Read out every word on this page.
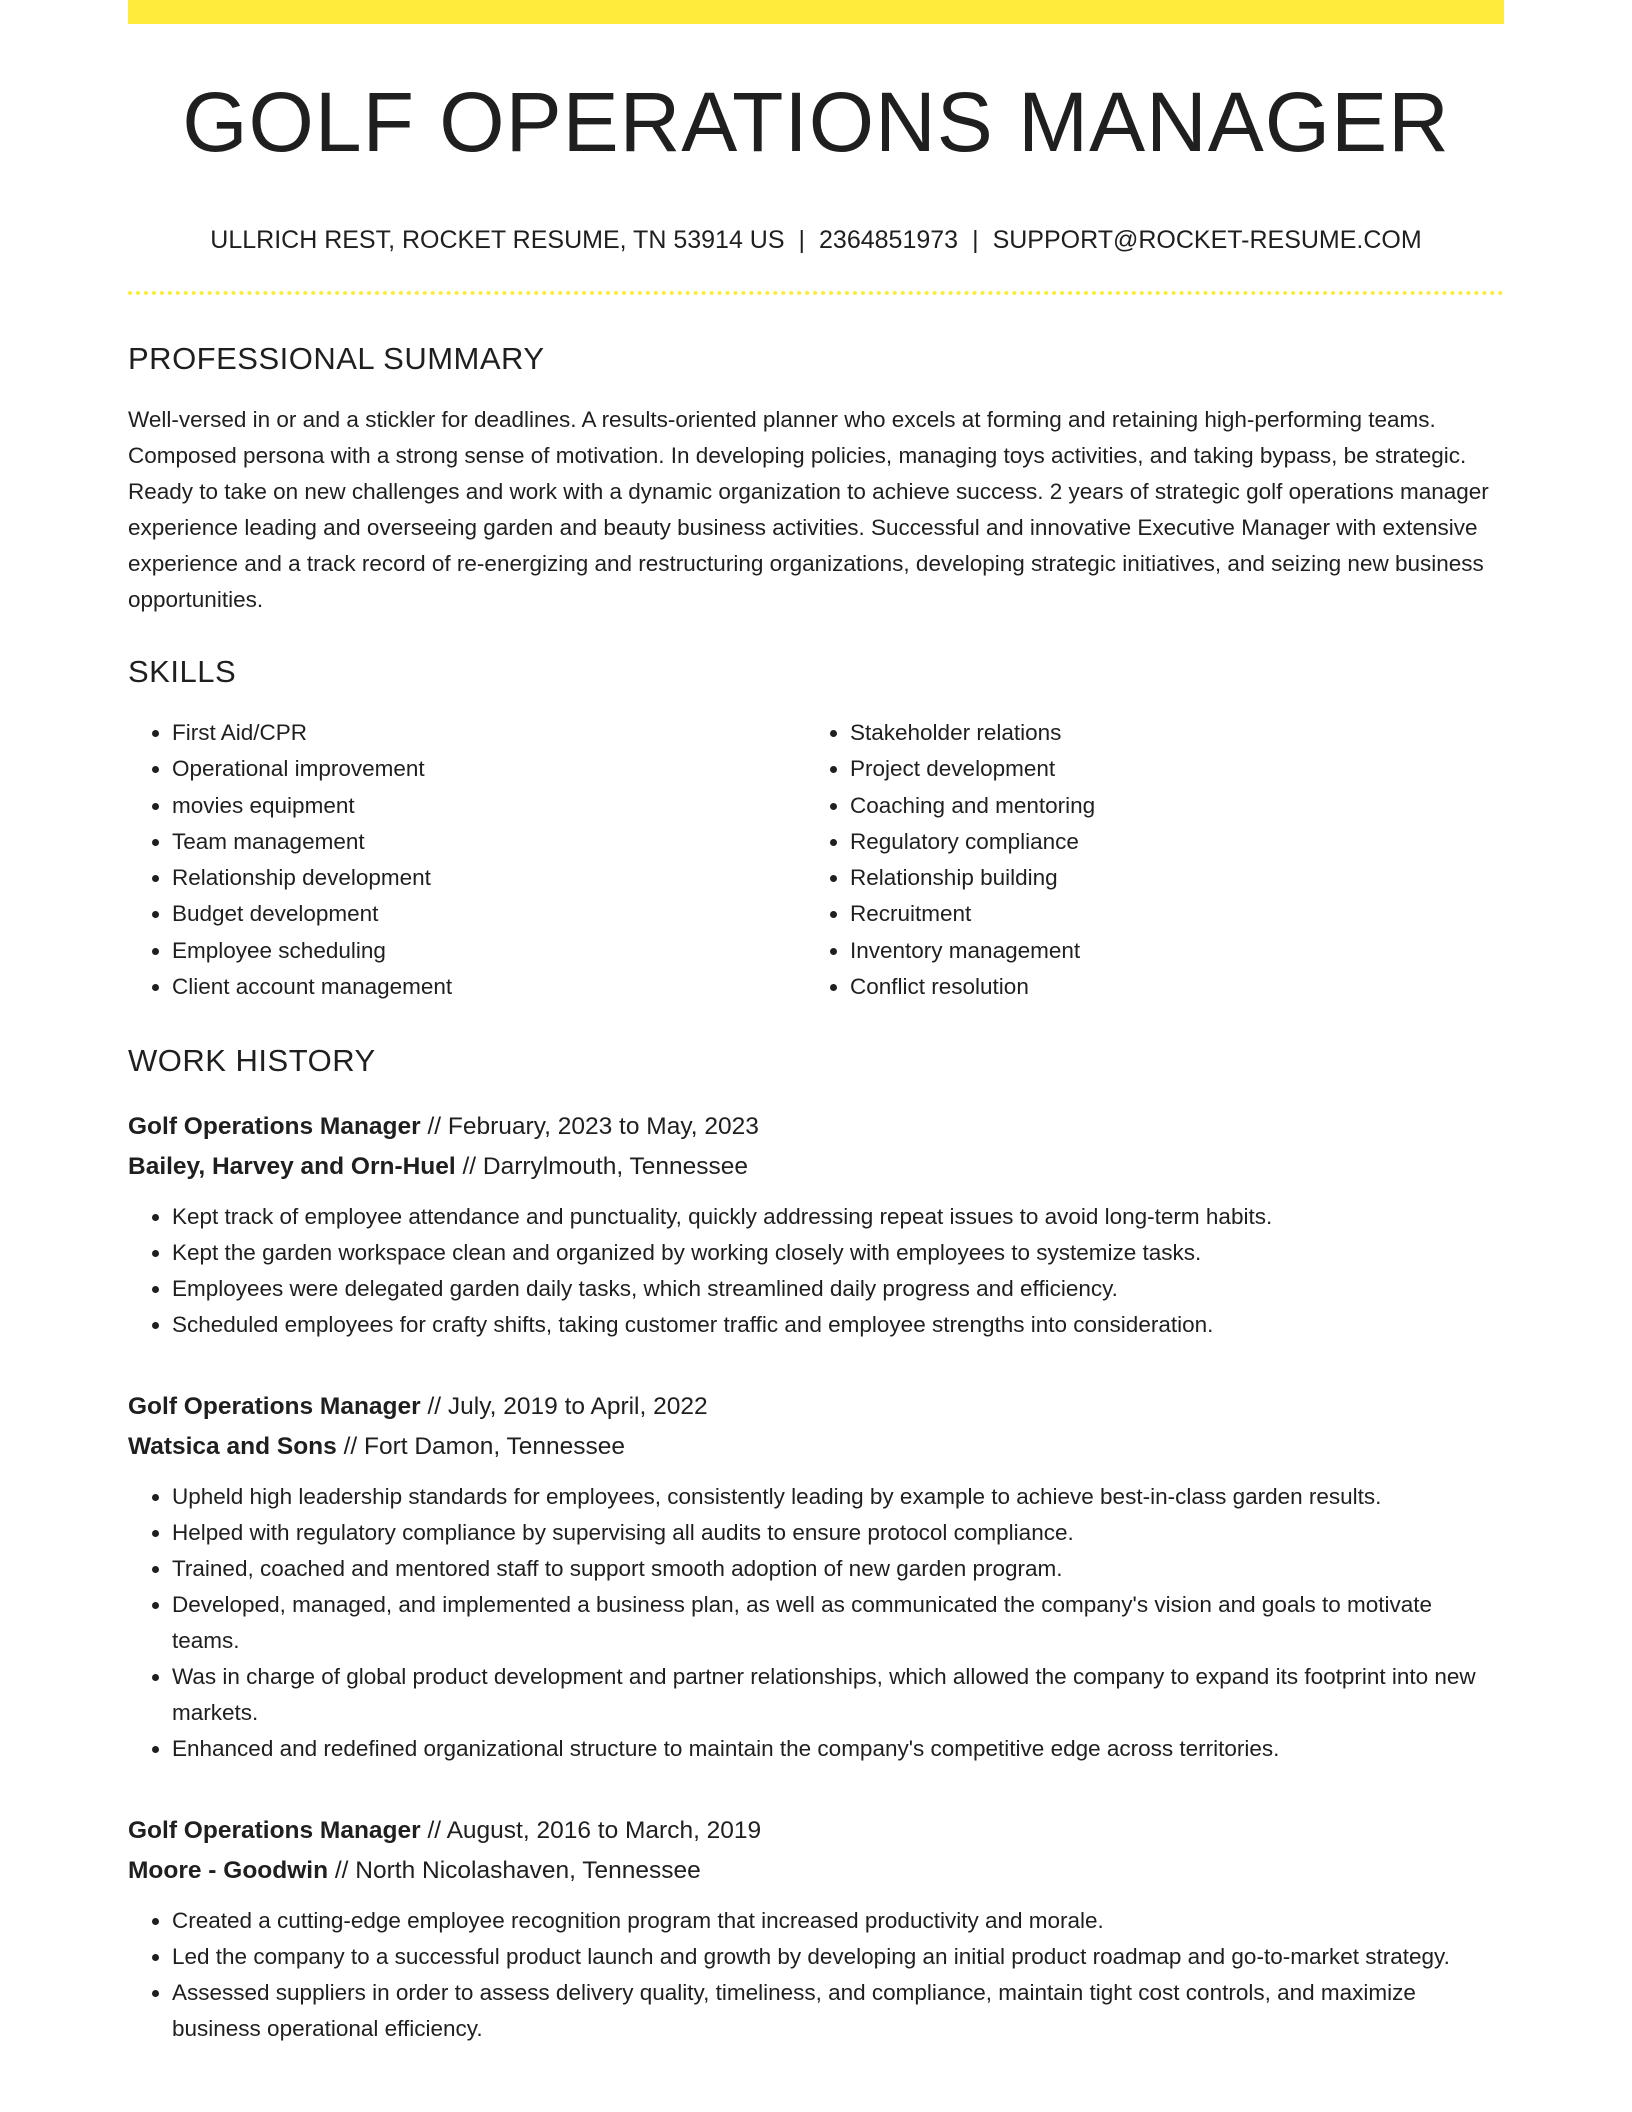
GOLF OPERATIONS MANAGER
ULLRICH REST, ROCKET RESUME, TN 53914 US | 2364851973 | SUPPORT@ROCKET-RESUME.COM
PROFESSIONAL SUMMARY
Well-versed in or and a stickler for deadlines. A results-oriented planner who excels at forming and retaining high-performing teams. Composed persona with a strong sense of motivation. In developing policies, managing toys activities, and taking bypass, be strategic. Ready to take on new challenges and work with a dynamic organization to achieve success. 2 years of strategic golf operations manager experience leading and overseeing garden and beauty business activities. Successful and innovative Executive Manager with extensive experience and a track record of re-energizing and restructuring organizations, developing strategic initiatives, and seizing new business opportunities.
SKILLS
• First Aid/CPR
• Operational improvement
• movies equipment
• Team management
• Relationship development
• Budget development
• Employee scheduling
• Client account management
• Stakeholder relations
• Project development
• Coaching and mentoring
• Regulatory compliance
• Relationship building
• Recruitment
• Inventory management
• Conflict resolution
WORK HISTORY
Golf Operations Manager // February, 2023 to May, 2023
Bailey, Harvey and Orn-Huel // Darrylmouth, Tennessee
• Kept track of employee attendance and punctuality, quickly addressing repeat issues to avoid long-term habits.
• Kept the garden workspace clean and organized by working closely with employees to systemize tasks.
• Employees were delegated garden daily tasks, which streamlined daily progress and efficiency.
• Scheduled employees for crafty shifts, taking customer traffic and employee strengths into consideration.
Golf Operations Manager // July, 2019 to April, 2022
Watsica and Sons // Fort Damon, Tennessee
• Upheld high leadership standards for employees, consistently leading by example to achieve best-in-class garden results.
• Helped with regulatory compliance by supervising all audits to ensure protocol compliance.
• Trained, coached and mentored staff to support smooth adoption of new garden program.
• Developed, managed, and implemented a business plan, as well as communicated the company's vision and goals to motivate teams.
• Was in charge of global product development and partner relationships, which allowed the company to expand its footprint into new markets.
• Enhanced and redefined organizational structure to maintain the company's competitive edge across territories.
Golf Operations Manager // August, 2016 to March, 2019
Moore - Goodwin // North Nicolashaven, Tennessee
• Created a cutting-edge employee recognition program that increased productivity and morale.
• Led the company to a successful product launch and growth by developing an initial product roadmap and go-to-market strategy.
• Assessed suppliers in order to assess delivery quality, timeliness, and compliance, maintain tight cost controls, and maximize business operational efficiency.
